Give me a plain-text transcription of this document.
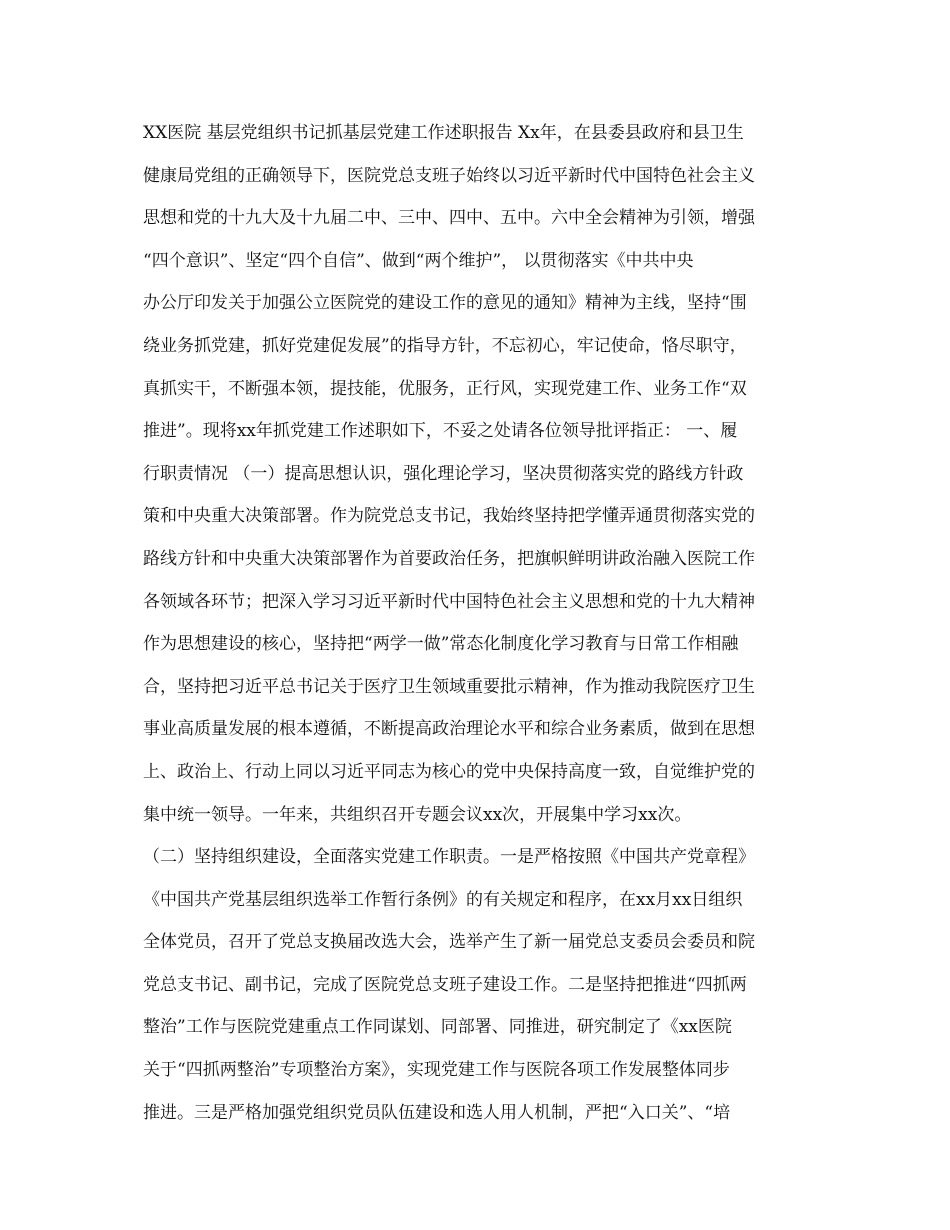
XX医院 基层党组织书记抓基层党建工作述职报告 Xx年，在县委县政府和县卫生
健康局党组的正确领导下，医院党总支班子始终以习近平新时代中国特色社会主义
思想和党的十九大及十九届二中、三中、四中、五中。六中全会精神为引领，增强
“四个意识”、坚定“四个自信”、做到“两个维护”， 以贯彻落实《中共中央
办公厅印发关于加强公立医院党的建设工作的意见的通知》精神为主线，坚持“围
绕业务抓党建，抓好党建促发展”的指导方针，不忘初心，牢记使命，恪尽职守，
真抓实干，不断强本领，提技能，优服务，正行风，实现党建工作、业务工作“双
推进”。现将xx年抓党建工作述职如下，不妥之处请各位领导批评指正： 一、履
行职责情况 （一）提高思想认识，强化理论学习，坚决贯彻落实党的路线方针政
策和中央重大决策部署。作为院党总支书记，我始终坚持把学懂弄通贯彻落实党的
路线方针和中央重大决策部署作为首要政治任务，把旗帜鲜明讲政治融入医院工作
各领域各环节；把深入学习习近平新时代中国特色社会主义思想和党的十九大精神
作为思想建设的核心，坚持把“两学一做”常态化制度化学习教育与日常工作相融
合，坚持把习近平总书记关于医疗卫生领域重要批示精神，作为推动我院医疗卫生
事业高质量发展的根本遵循，不断提高政治理论水平和综合业务素质，做到在思想
上、政治上、行动上同以习近平同志为核心的党中央保持高度一致，自觉维护党的
集中统一领导。一年来，共组织召开专题会议xx次，开展集中学习xx次。
（二）坚持组织建设，全面落实党建工作职责。一是严格按照《中国共产党章程》
《中国共产党基层组织选举工作暂行条例》的有关规定和程序，在xx月xx日组织
全体党员，召开了党总支换届改选大会，选举产生了新一届党总支委员会委员和院
党总支书记、副书记，完成了医院党总支班子建设工作。二是坚持把推进“四抓两
整治”工作与医院党建重点工作同谋划、同部署、同推进，研究制定了《xx医院
关于“四抓两整治”专项整治方案》，实现党建工作与医院各项工作发展整体同步
推进。三是严格加强党组织党员队伍建设和选人用人机制，严把“入口关”、“培
